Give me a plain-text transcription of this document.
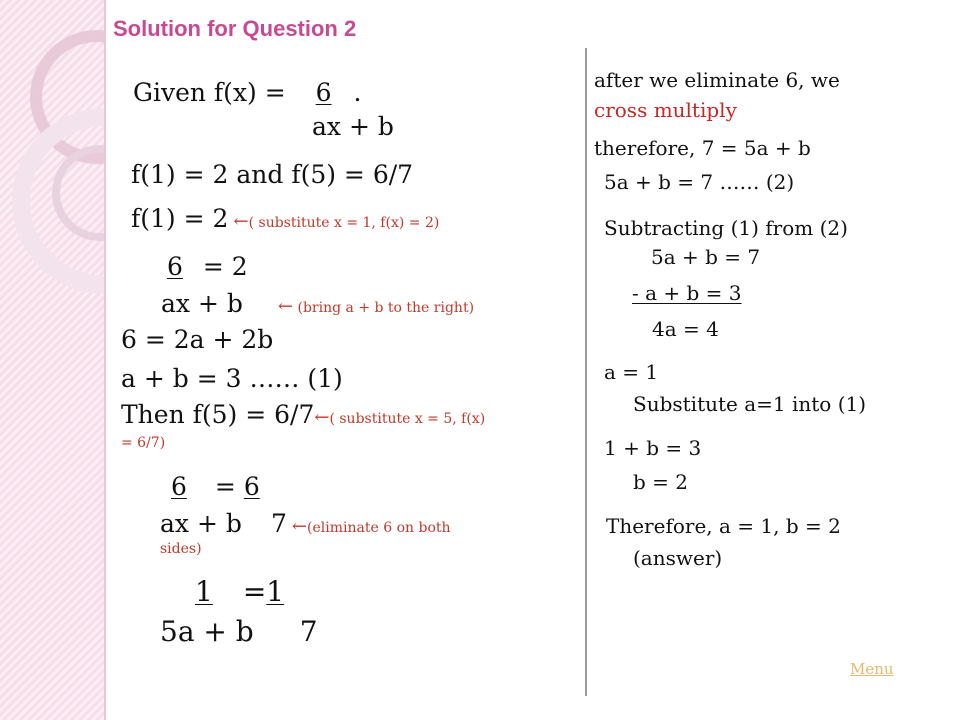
Solution for Question 2
Given f(x) = 6 .
ax + b
f(1) = 2 and f(5) = 6/7
f(1) = 2 ←( substitute x = 1, f(x) = 2)
6 = 2
ax + b ← (bring a + b to the right)
6 = 2a + 2b
a + b = 3 …… (1)
Then f(5) = 6/7←( substitute x = 5, f(x)
= 6/7)
6 = 6
ax + b 7 ←(eliminate 6 on both
sides)
1 =1
5a + b 7
after we eliminate 6, we
cross multiply
therefore, 7 = 5a + b
5a + b = 7 …… (2)
Subtracting (1) from (2)
5a + b = 7
- a + b = 3
4a = 4
a = 1
Substitute a=1 into (1)
1 + b = 3
b = 2
Therefore, a = 1, b = 2
(answer)
Menu
